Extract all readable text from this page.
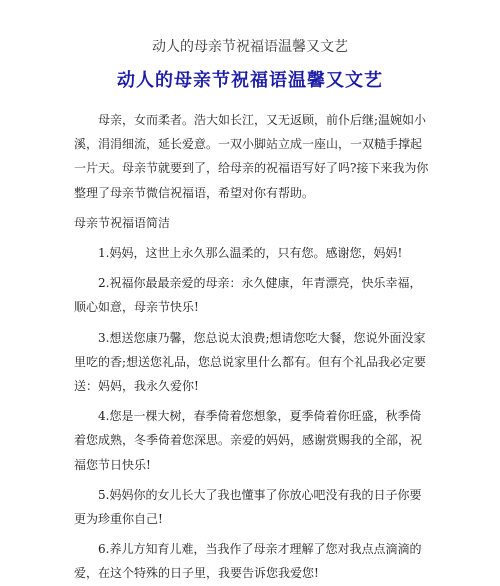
动人的母亲节祝福语温馨又文艺
动人的母亲节祝福语温馨又文艺

母亲，女而柔者。浩大如长江，又无返顾，前仆后继;温婉如小溪，涓涓细流，延长爱意。一双小脚站立成一座山，一双糙手撑起一片天。母亲节就要到了，给母亲的祝福语写好了吗?接下来我为你整理了母亲节微信祝福语，希望对你有帮助。

母亲节祝福语简洁

1.妈妈，这世上永久那么温柔的，只有您。感谢您，妈妈!

2.祝福你最最亲爱的母亲：永久健康，年青漂亮，快乐幸福，顺心如意，母亲节快乐!

3.想送您康乃馨，您总说太浪费;想请您吃大餐，您说外面没家里吃的香;想送您礼品，您总说家里什么都有。但有个礼品我必定要送：妈妈，我永久爱你!

4.您是一棵大树，春季倚着您想象，夏季倚着你旺盛，秋季倚着您成熟，冬季倚着您深思。亲爱的妈妈，感谢赏赐我的全部，祝福您节日快乐!

5.妈妈你的女儿长大了我也懂事了你放心吧没有我的日子你要更为珍重你自己!

6.养儿方知育儿难，当我作了母亲才理解了您对我点点滴滴的爱，在这个特殊的日子里，我要告诉您我爱您!
